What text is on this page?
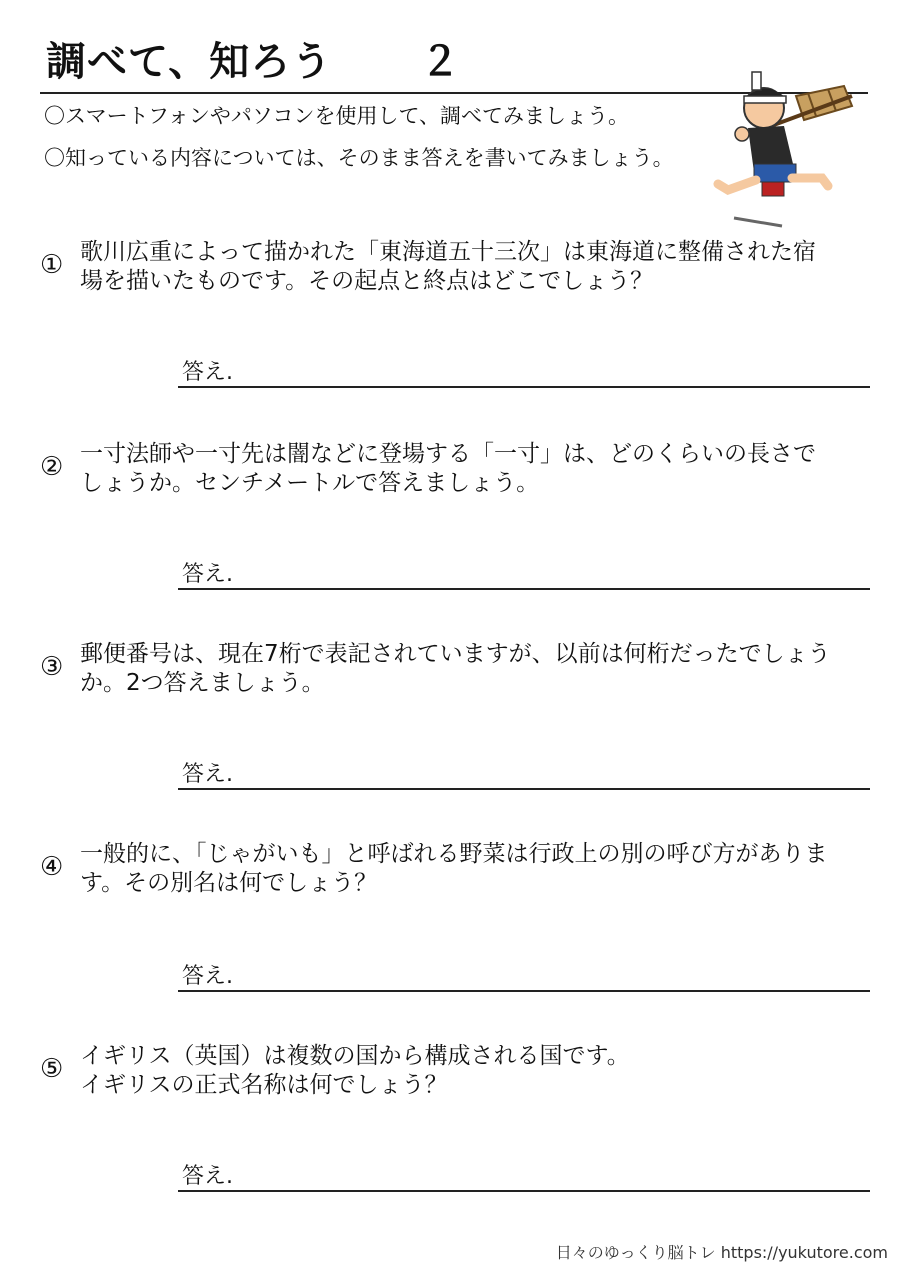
調べて、知ろう ２
〇スマートフォンやパソコンを使用して、調べてみましょう。
〇知っている内容については、そのまま答えを書いてみましょう。
① 歌川広重によって描かれた「東海道五十三次」は東海道に整備された宿
場を描いたものです。その起点と終点はどこでしょう？
答え.
② 一寸法師や一寸先は闇などに登場する「一寸」は、どのくらいの長さで
しょうか。センチメートルで答えましょう。
答え.
③ 郵便番号は、現在7桁で表記されていますが、以前は何桁だったでしょう
か。2つ答えましょう。
答え.
④ 一般的に、「じゃがいも」と呼ばれる野菜は行政上の別の呼び方がありま
す。その別名は何でしょう？
答え.
⑤ イギリス（英国）は複数の国から構成される国です。
イギリスの正式名称は何でしょう？
答え.
日々のゆっくり脳トレ https://yukutore.com
